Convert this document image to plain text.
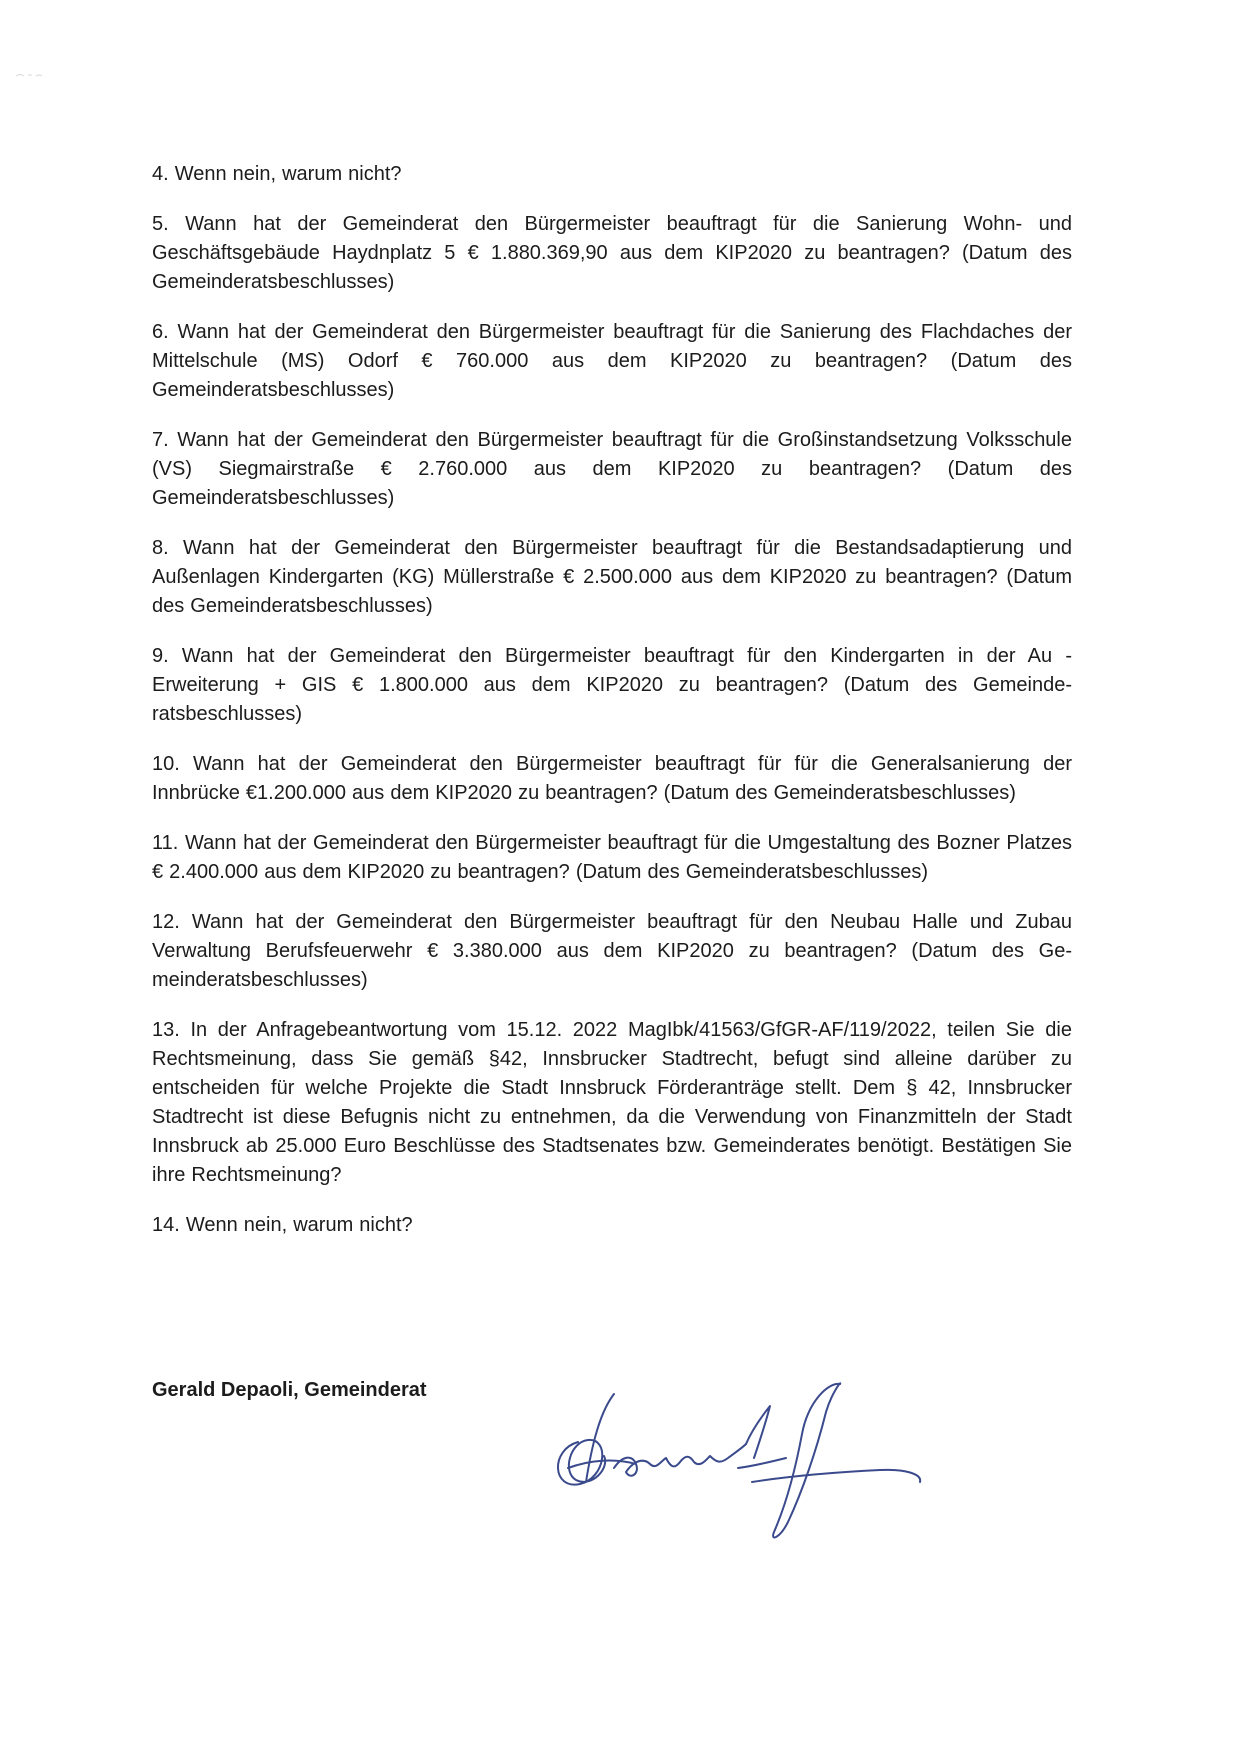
4. Wenn nein, warum nicht?

5. Wann hat der Gemeinderat den Bürgermeister beauftragt für die Sanierung Wohn- und Geschäftsgebäude Haydnplatz 5 € 1.880.369,90 aus dem KIP2020 zu beantragen? (Datum des Gemeinderatsbeschlusses)

6. Wann hat der Gemeinderat den Bürgermeister beauftragt für die Sanierung des Flachdaches der Mittelschule (MS) Odorf € 760.000 aus dem KIP2020 zu beantragen? (Datum des Gemeinderatsbeschlusses)

7. Wann hat der Gemeinderat den Bürgermeister beauftragt für die Großinstandsetzung Volksschule (VS) Siegmairstraße € 2.760.000 aus dem KIP2020 zu beantragen? (Datum des Gemeinderatsbeschlusses)

8. Wann hat der Gemeinderat den Bürgermeister beauftragt für die Bestandsadaptierung und Außenlagen Kindergarten (KG) Müllerstraße € 2.500.000 aus dem KIP2020 zu beantragen? (Datum des Gemeinderatsbeschlusses)

9. Wann hat der Gemeinderat den Bürgermeister beauftragt für den Kindergarten in der Au - Erweiterung + GIS € 1.800.000 aus dem KIP2020 zu beantragen? (Datum des Gemeinderatsbeschlusses)

10. Wann hat der Gemeinderat den Bürgermeister beauftragt für für die Generalsanierung der Innbrücke €1.200.000 aus dem KIP2020 zu beantragen? (Datum des Gemeinderatsbeschlusses)

11. Wann hat der Gemeinderat den Bürgermeister beauftragt für die Umgestaltung des Bozner Platzes € 2.400.000 aus dem KIP2020 zu beantragen? (Datum des Gemeinderatsbeschlusses)

12. Wann hat der Gemeinderat den Bürgermeister beauftragt für den Neubau Halle und Zubau Verwaltung Berufsfeuerwehr € 3.380.000 aus dem KIP2020 zu beantragen? (Datum des Ge-meinderatsbeschlusses)

13. In der Anfragebeantwortung vom 15.12. 2022 MagIbk/41563/GfGR-AF/119/2022, teilen Sie die Rechtsmeinung, dass Sie gemäß §42, Innsbrucker Stadtrecht, befugt sind alleine darüber zu entscheiden für welche Projekte die Stadt Innsbruck Förderanträge stellt. Dem § 42, Innsbrucker Stadtrecht ist diese Befugnis nicht zu entnehmen, da die Verwendung von Finanzmitteln der Stadt Innsbruck ab 25.000 Euro Beschlüsse des Stadtsenates bzw. Gemeinderates benötigt. Bestätigen Sie ihre Rechtsmeinung?

14. Wenn nein, warum nicht?

Gerald Depaoli, Gemeinderat
